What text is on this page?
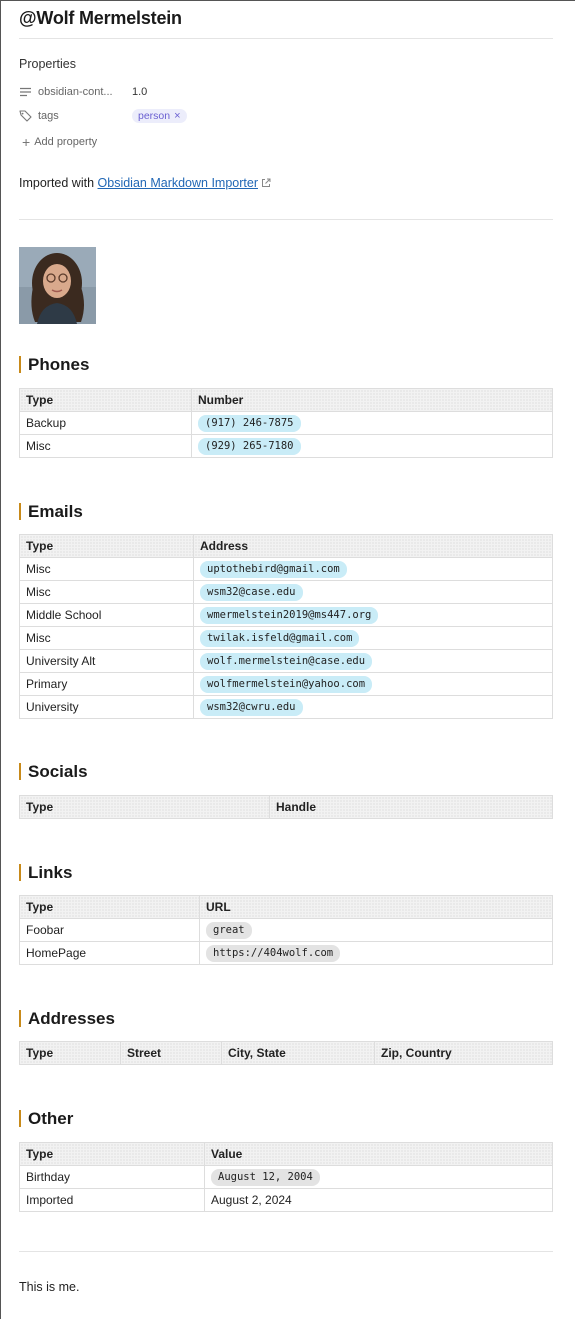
@Wolf Mermelstein
Properties
obsidian-cont... 1.0
tags	person ×
+ Add property
Imported with Obsidian Markdown Importer
Phones
Type	Number
Backup	(917) 246-7875
Misc	(929) 265-7180
Emails
Type	Address
Misc	uptothebird@gmail.com
Misc	wsm32@case.edu
Middle School	wmermelstein2019@ms447.org
Misc	twilak.isfeld@gmail.com
University Alt	wolf.mermelstein@case.edu
Primary	wolfmermelstein@yahoo.com
University	wsm32@cwru.edu
Socials
Type	Handle
Links
Type	URL
Foobar	great
HomePage	https://404wolf.com
Addresses
Type	Street	City, State	Zip, Country
Other
Type	Value
Birthday	August 12, 2004
Imported	August 2, 2024
This is me.
